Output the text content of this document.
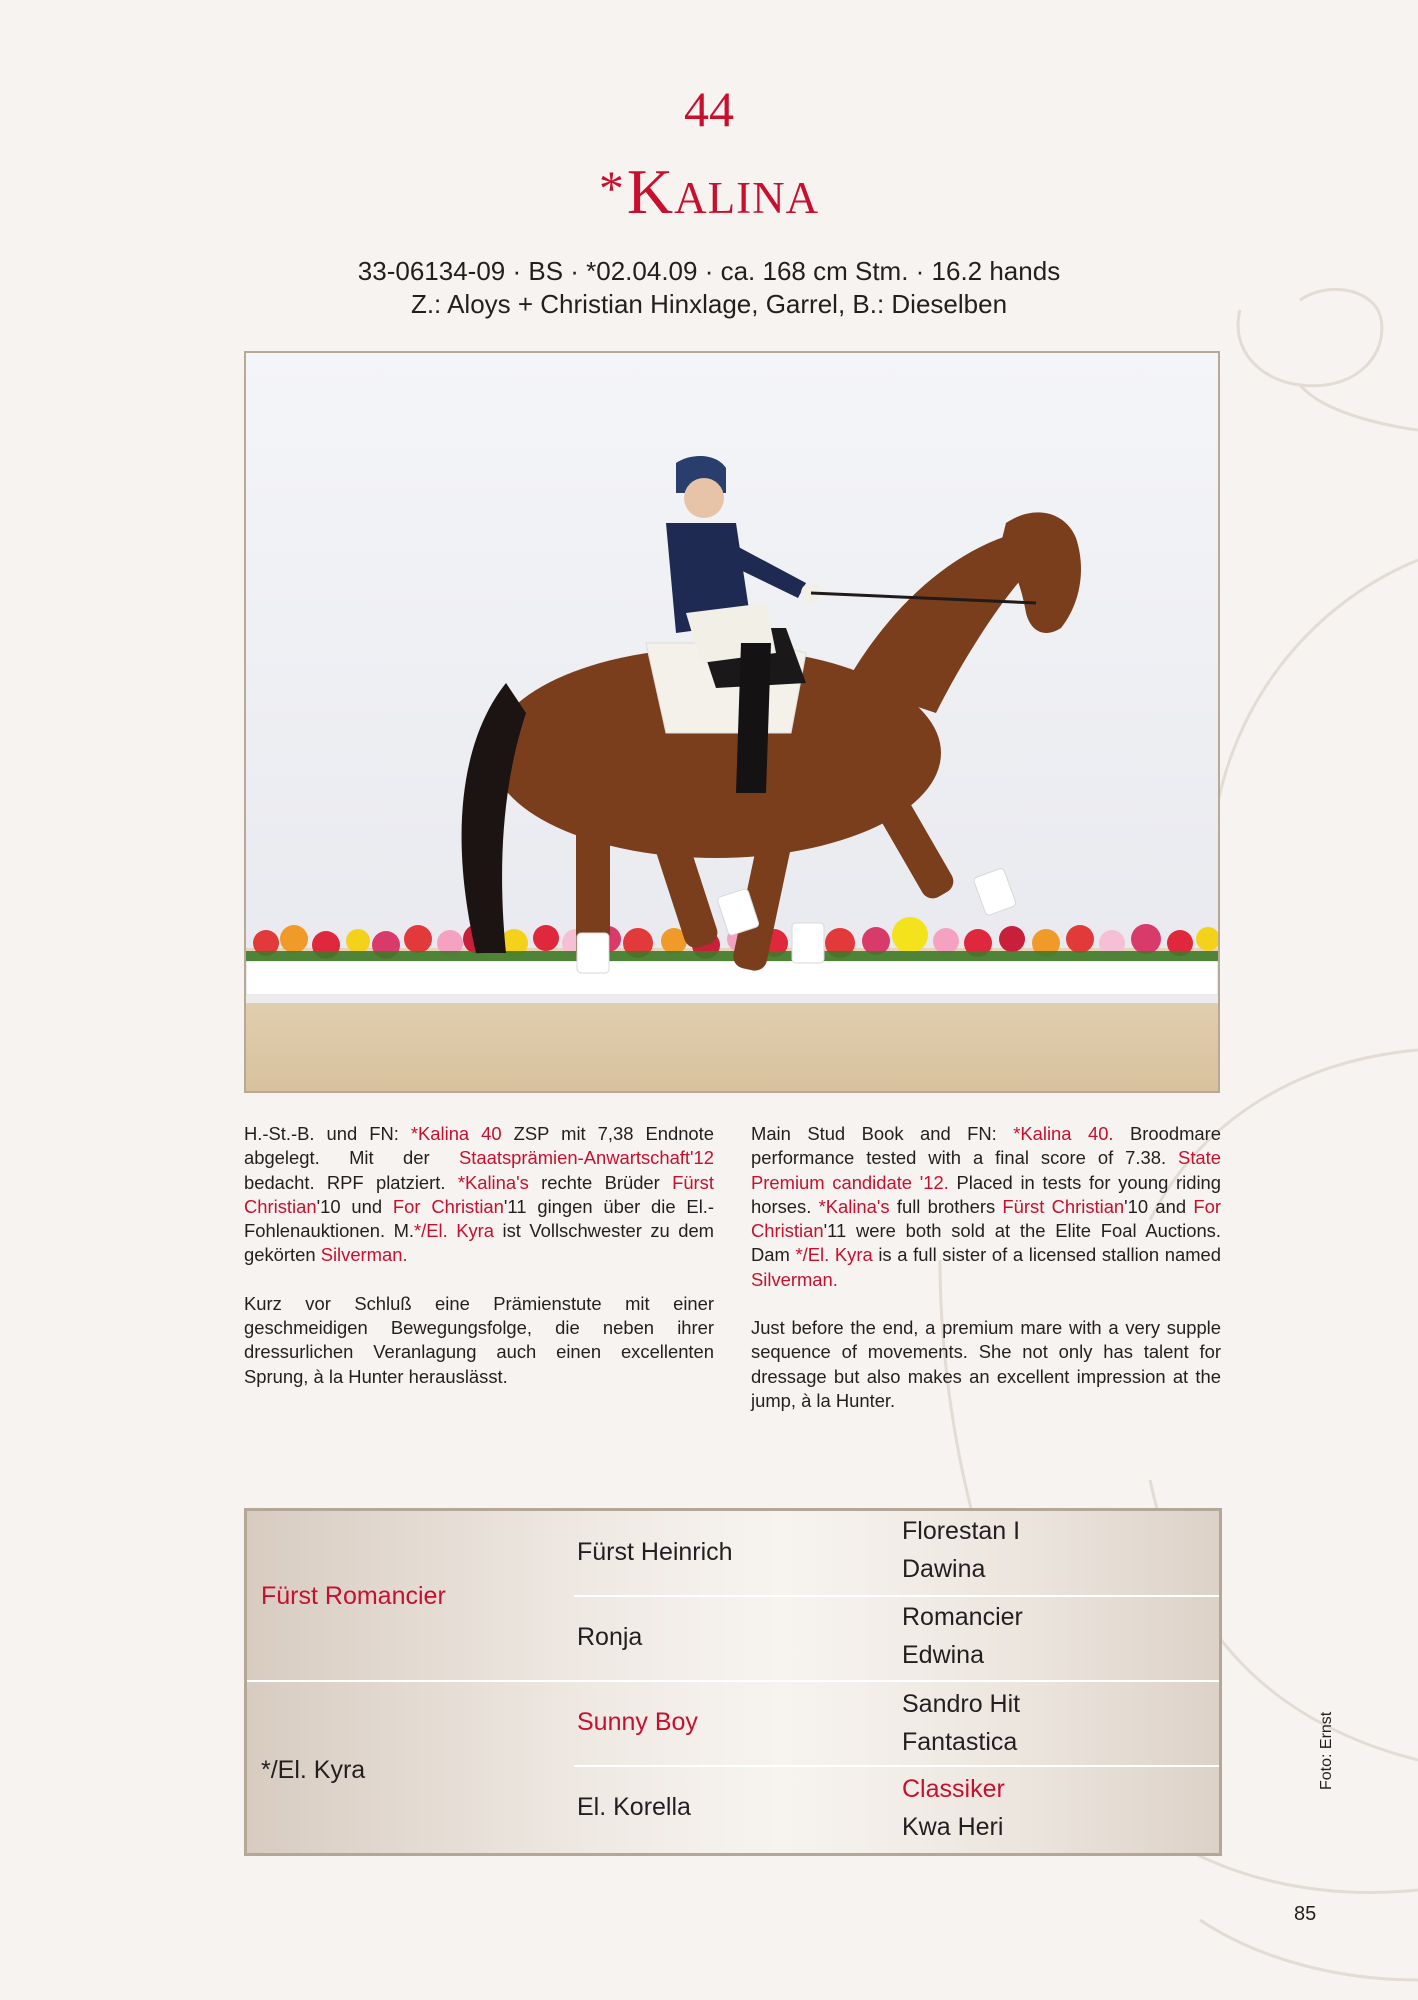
44
*Kalina
33-06134-09 · BS · *02.04.09 · ca. 168 cm Stm. · 16.2 hands
Z.: Aloys + Christian Hinxlage, Garrel, B.: Dieselben

H.-St.-B. und FN: *Kalina 40 ZSP mit 7,38 Endnote abgelegt. Mit der Staatsprämien-Anwartschaft'12 bedacht. RPF platziert. *Kalina's rechte Brüder Fürst Christian'10 und For Christian'11 gingen über die El.-Fohlenauktionen. M.*/El. Kyra ist Vollschwester zu dem gekörten Silverman.

Kurz vor Schluß eine Prämienstute mit einer geschmeidigen Bewegungsfolge, die neben ihrer dressurlichen Veranlagung auch einen excellenten Sprung, à la Hunter herauslässt.

Main Stud Book and FN: *Kalina 40. Broodmare performance tested with a final score of 7.38. State Premium candidate '12. Placed in tests for young riding horses. *Kalina's full brothers Fürst Christian'10 and For Christian'11 were both sold at the Elite Foal Auctions. Dam */El. Kyra is a full sister of a licensed stallion named Silverman.

Just before the end, a premium mare with a very supple sequence of movements. She not only has talent for dressage but also makes an excellent impression at the jump, à la Hunter.

Fürst Romancier
*/El. Kyra
Fürst Heinrich
Ronja
Sunny Boy
El. Korella
Florestan I
Dawina
Romancier
Edwina
Sandro Hit
Fantastica
Classiker
Kwa Heri
Foto: Ernst
85
